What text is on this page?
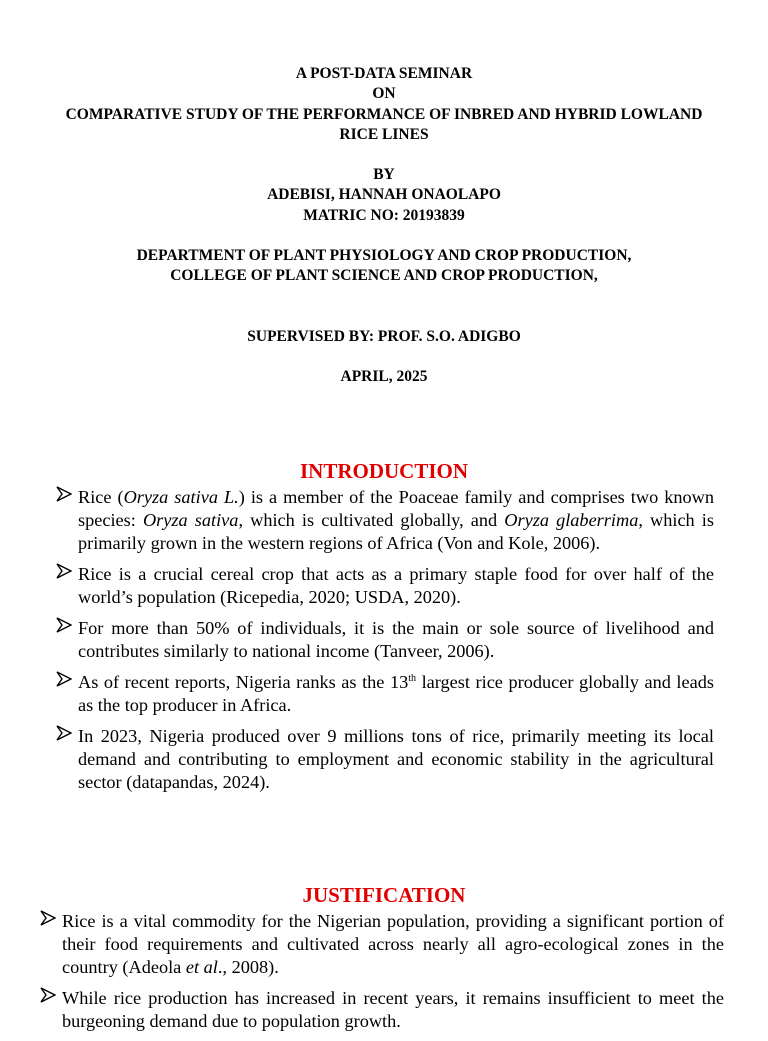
A POST-DATA SEMINAR
ON
COMPARATIVE STUDY OF THE PERFORMANCE OF INBRED AND HYBRID LOWLAND
RICE LINES
BY
ADEBISI, HANNAH ONAOLAPO
MATRIC NO: 20193839
DEPARTMENT OF PLANT PHYSIOLOGY AND CROP PRODUCTION,
COLLEGE OF PLANT SCIENCE AND CROP PRODUCTION,
SUPERVISED BY: PROF. S.O. ADIGBO
APRIL, 2025
INTRODUCTION
Rice (Oryza sativa L.) is a member of the Poaceae family and comprises two known species: Oryza sativa, which is cultivated globally, and Oryza glaberrima, which is primarily grown in the western regions of Africa (Von and Kole, 2006).
Rice is a crucial cereal crop that acts as a primary staple food for over half of the world’s population (Ricepedia, 2020; USDA, 2020).
For more than 50% of individuals, it is the main or sole source of livelihood and contributes similarly to national income (Tanveer, 2006).
As of recent reports, Nigeria ranks as the 13th largest rice producer globally and leads as the top producer in Africa.
In 2023, Nigeria produced over 9 millions tons of rice, primarily meeting its local demand and contributing to employment and economic stability in the agricultural sector (datapandas, 2024).
JUSTIFICATION
Rice is a vital commodity for the Nigerian population, providing a significant portion of their food requirements and cultivated across nearly all agro-ecological zones in the country (Adeola et al., 2008).
While rice production has increased in recent years, it remains insufficient to meet the burgeoning demand due to population growth.
